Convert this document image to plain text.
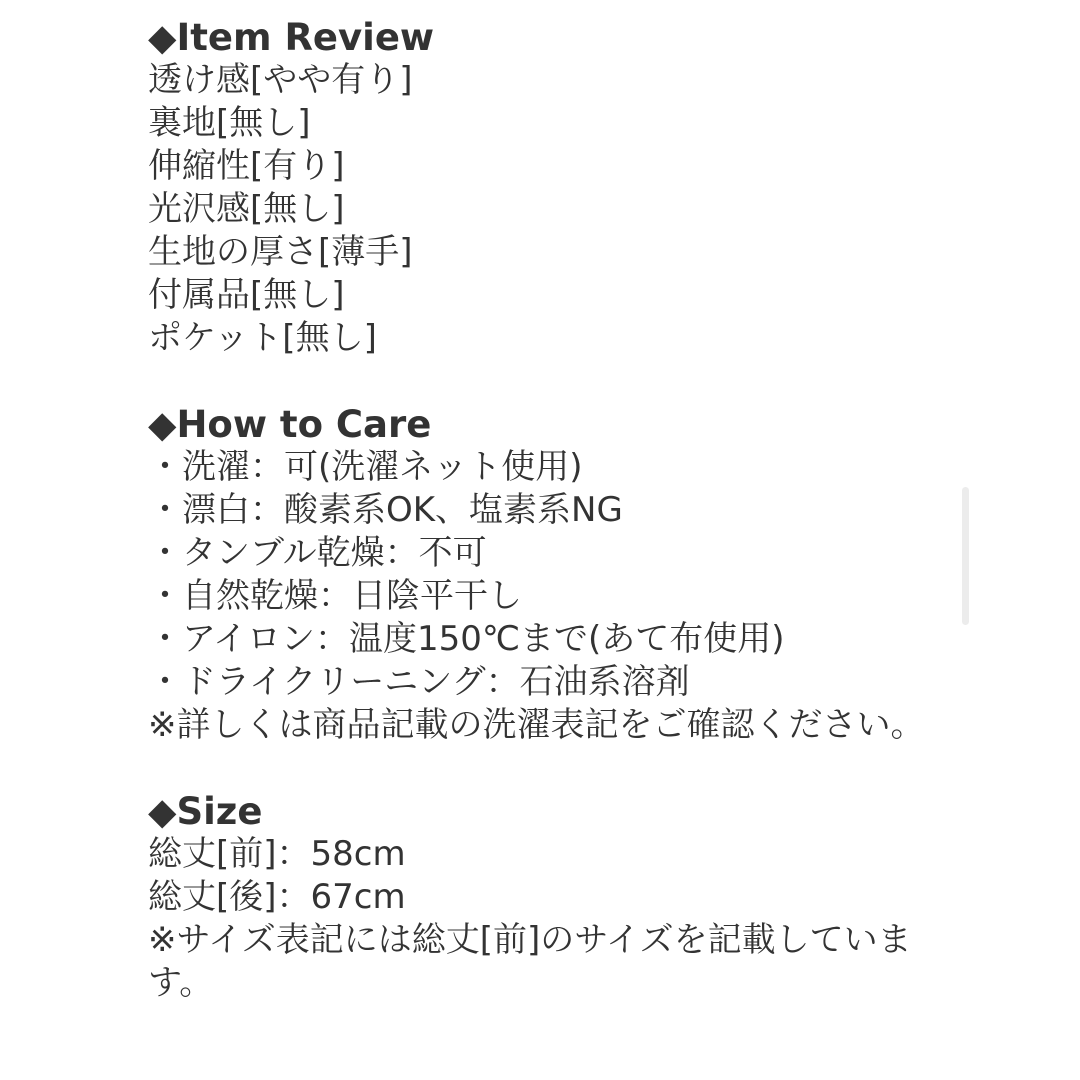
◆Item Review
透け感[やや有り]
裏地[無し]
伸縮性[有り]
光沢感[無し]
生地の厚さ[薄手]
付属品[無し]
ポケット[無し]
◆How to Care
・洗濯：可(洗濯ネット使用)
・漂白：酸素系OK、塩素系NG
・タンブル乾燥：不可
・自然乾燥：日陰平干し
・アイロン：温度150℃まで(あて布使用)
・ドライクリーニング：石油系溶剤
※詳しくは商品記載の洗濯表記をご確認ください。
◆Size
総丈[前]：58cm
総丈[後]：67cm
※サイズ表記には総丈[前]のサイズを記載しています。
